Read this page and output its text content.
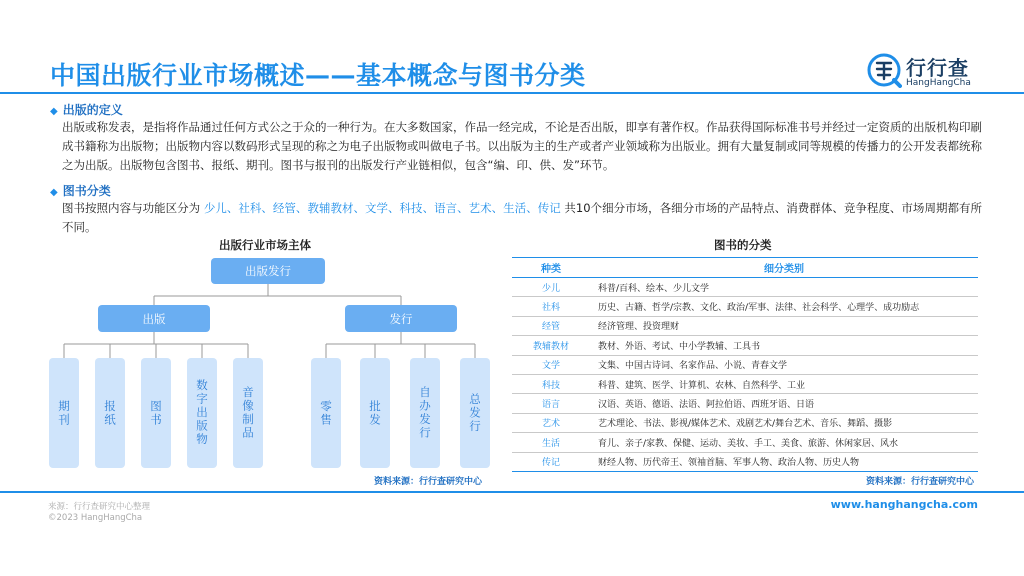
中国出版行业市场概述——基本概念与图书分类	行行查
HangHangCha
◆ 出版的定义
出版或称发表，是指将作品通过任何方式公之于众的一种行为。在大多数国家，作品一经完成，不论是否出版，即享有著作权。作品获得国际标准书号并经过一定资质的出版机构印刷成书籍称为出版物；出版物内容以数码形式呈现的称之为电子出版物或叫做电子书。以出版为主的生产或者产业领域称为出版业。拥有大量复制或同等规模的传播力的公开发表都统称之为出版。出版物包含图书、报纸、期刊。图书与报刊的出版发行产业链相似，包含“编、印、供、发”环节。
◆ 图书分类
图书按照内容与功能区分为 少儿、社科、经管、教辅教材、文学、科技、语言、艺术、生活、传记 共10个细分市场，各细分市场的产品特点、消费群体、竞争程度、市场周期都有所不同。
出版行业市场主体
出版发行
出版	发行
期刊	报纸	图书	数字出版物	音像制品	零售	批发	自办发行	总发行
资料来源：行行查研究中心
图书的分类
种类	细分类别
少儿	科普/百科、绘本、少儿文学
社科	历史、古籍、哲学/宗教、文化、政治/军事、法律、社会科学、心理学、成功励志
经管	经济管理、投资理财
教辅教材	教材、外语、考试、中小学教辅、工具书
文学	文集、中国古诗词、名家作品、小说、青春文学
科技	科普、建筑、医学、计算机、农林、自然科学、工业
语言	汉语、英语、德语、法语、阿拉伯语、西班牙语、日语
艺术	艺术理论、书法、影视/媒体艺术、戏剧艺术/舞台艺术、音乐、舞蹈、摄影
生活	育儿、亲子/家教、保健、运动、美妆、手工、美食、旅游、休闲家居、风水
传记	财经人物、历代帝王、领袖首脑、军事人物、政治人物、历史人物
资料来源：行行查研究中心
来源：行行查研究中心整理
©2023 HangHangCha
www.hanghangcha.com
